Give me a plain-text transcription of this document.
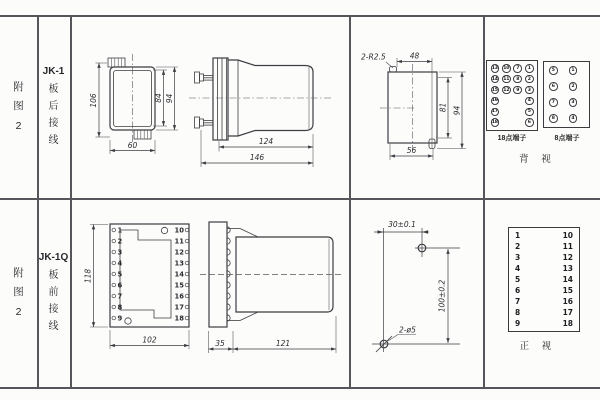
附
图
2
JK-1
板
后
接
线
106	84 94
60	124
146
2-R2.5	48
81 94
56
13 10	7	1
14 11	8	2
15 12	9	3
16	4
17	5
18	6
18点端子
5	1
6	2
7	3
8	4
8点端子
背 视
附
图
2
JK-1Q
板
前
接
线
1
2
3
4
5
6
7
8
9
10
11
12
13
14
15
16
17
18
118
102	35	121
30±0.1
100±0.2
2-ø5
1	10
2	11
3	12
4	13
5	14
6	15
7	16
8	17
9	18
正 视
